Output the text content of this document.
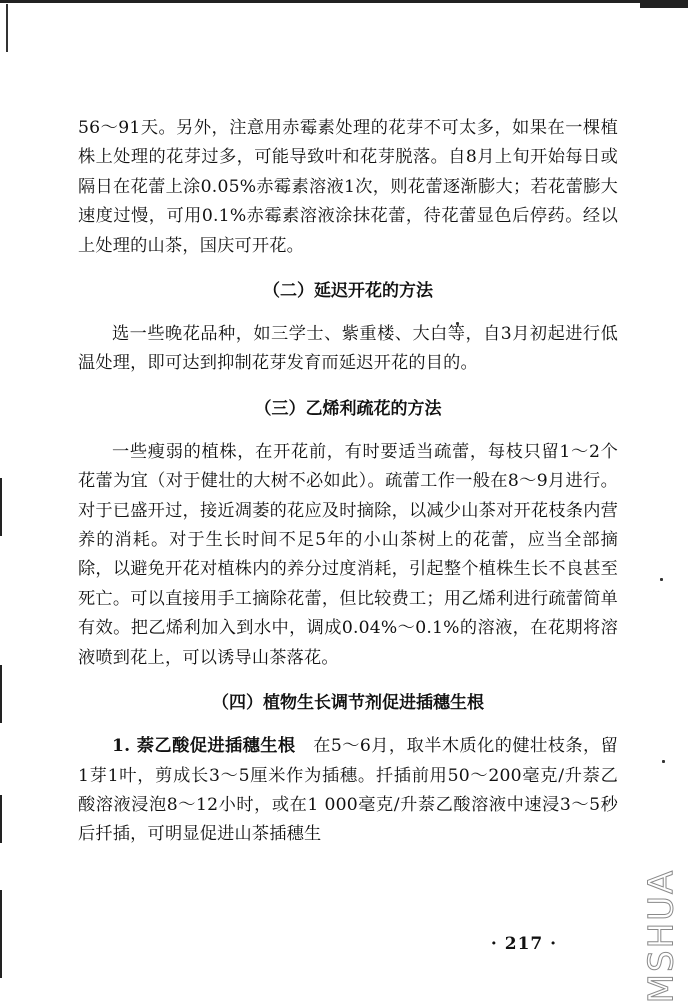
56～91天。另外，注意用赤霉素处理的花芽不可太多，如果在一棵植株上处理的花芽过多，可能导致叶和花芽脱落。自8月上旬开始每日或隔日在花蕾上涂0.05%赤霉素溶液1次，则花蕾逐渐膨大；若花蕾膨大速度过慢，可用0.1%赤霉素溶液涂抹花蕾，待花蕾显色后停药。经以上处理的山茶，国庆可开花。

（二）延迟开花的方法

选一些晚花品种，如三学士、紫重楼、大白等，自3月初起进行低温处理，即可达到抑制花芽发育而延迟开花的目的。

（三）乙烯利疏花的方法

一些瘦弱的植株，在开花前，有时要适当疏蕾，每枝只留1～2个花蕾为宜（对于健壮的大树不必如此）。疏蕾工作一般在8～9月进行。对于已盛开过，接近凋萎的花应及时摘除，以减少山茶对开花枝条内营养的消耗。对于生长时间不足5年的小山茶树上的花蕾，应当全部摘除，以避免开花对植株内的养分过度消耗，引起整个植株生长不良甚至死亡。可以直接用手工摘除花蕾，但比较费工；用乙烯利进行疏蕾简单有效。把乙烯利加入到水中，调成0.04%～0.1%的溶液，在花期将溶液喷到花上，可以诱导山茶落花。

（四）植物生长调节剂促进插穗生根

1. 萘乙酸促进插穗生根　 在5～6月，取半木质化的健壮枝条，留1芽1叶，剪成长3～5厘米作为插穗。扦插前用50～200毫克/升萘乙酸溶液浸泡8～12小时，或在1 000毫克/升萘乙酸溶液中速浸3～5秒后扦插，可明显促进山茶插穗生

· 217 ·	MSHUA
